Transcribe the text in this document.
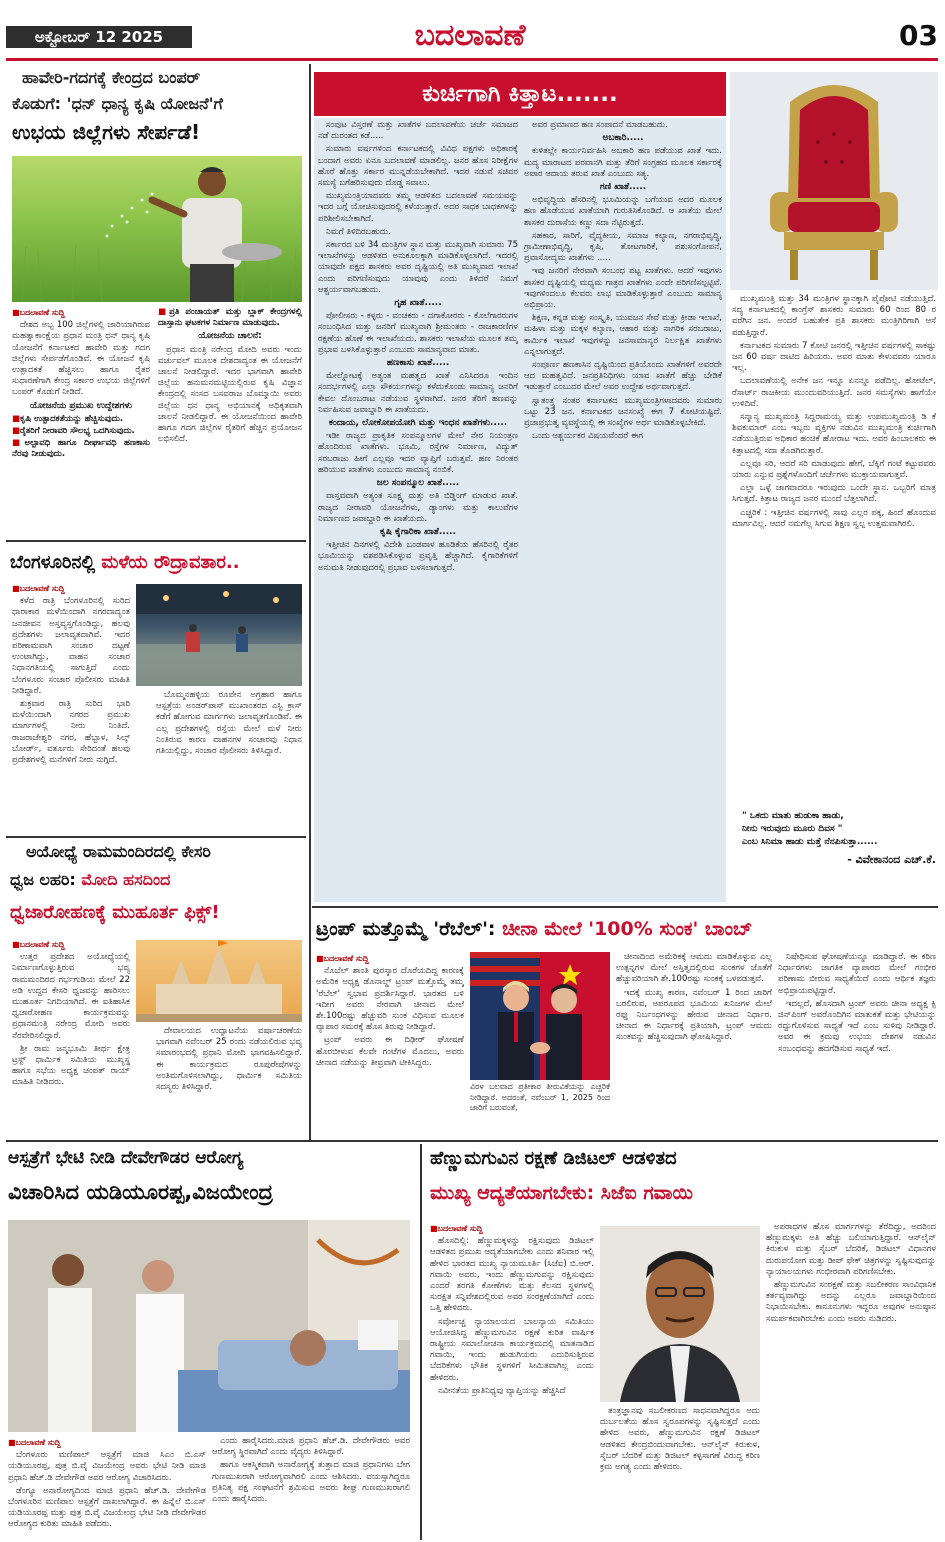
ಅಕ್ಟೋಬರ್ 12 2025	ಬದಲಾವಣೆ	03
ಹಾವೇರಿ-ಗದಗಕ್ಕೆ ಕೇಂದ್ರದ ಬಂಪರ್
ಕೊಡುಗೆ: 'ಧನ್ ಧಾನ್ಯ ಕೃಷಿ ಯೋಜನೆ'ಗೆ
ಉಭಯ ಜಿಲ್ಲೆಗಳು ಸೇರ್ಪಡೆ!
■ ಬದಲಾವಣೆ ಸುದ್ದಿ

ದೇಶದ ಅಬ್ಬ 100 ಜಿಲ್ಲೆಗಳಲ್ಲಿ ಜಾರಿಯಾಗಿರುವ ಮಹತ್ವಾಕಾಂಕ್ಷೆಯ ಪ್ರಧಾನ ಮಂತ್ರಿ ಧನ್ ಧಾನ್ಯ ಕೃಷಿ ಯೋಜನೆಗೆ ಕರ್ನಾಟಕದ ಹಾವೇರಿ ಮತ್ತು ಗದಗ ಜಿಲ್ಲೆಗಳು ಸೇರ್ಪಡೆಗೊಂಡಿವೆ. ಈ ಯೋಜನೆ ಕೃಷಿ ಉತ್ಪಾದಕತೆ ಹೆಚ್ಚಿಸಲು ಹಾಗೂ ರೈತರ ಸುಧಾರಣೆಗಾಗಿ ಕೇಂದ್ರ ಸರ್ಕಾರ ಉಭಯ ಜಿಲ್ಲೆಗಳಿಗೆ ಬಂಪರ್ ಕೊಡುಗೆ ನೀಡಿದೆ.

ಯೋಜನೆಯ ಪ್ರಮುಖ ಉದ್ದೇಶಗಳು
■ ಕೃಷಿ ಉತ್ಪಾದಕತೆಯನ್ನು ಹೆಚ್ಚಿಸುವುದು.
■ ರೈತರಿಗೆ ನೀರಾವರಿ ಸೌಲಭ್ಯ ಒದಗಿಸುವುದು.
■ ಅಲ್ಪಾವಧಿ ಹಾಗೂ ದೀರ್ಘಾವಧಿ ಹಣಕಾಸು ನೆರವು ನೀಡುವುದು.
■ ಪ್ರತಿ ಪಂಚಾಯತ್ ಮತ್ತು ಬ್ಲಾಕ್ ಕೇಂದ್ರಗಳಲ್ಲಿ ದಾಸ್ತಾನು ಘಟಕಗಳ ನಿರ್ಮಾಣ ಮಾಡುವುದು.
ಯೋಜನೆಯ ಚಾಲನೆ:

ಪ್ರಧಾನ ಮಂತ್ರಿ ನರೇಂದ್ರ ಮೋದಿ ಅವರು ಇಂದು ವರ್ಚುವಲ್ ಮೂಲಕ ದೇಶದಾದ್ಯಂತ ಈ ಯೋಜನೆಗೆ ಚಾಲನೆ ನೀಡಲಿದ್ದಾರೆ. ಇದರ ಭಾಗವಾಗಿ ಹಾವೇರಿ ಜಿಲ್ಲೆಯ ಹನುಮನಮಟ್ಟಿಯಲ್ಲಿರುವ ಕೃಷಿ ವಿಜ್ಞಾನ ಕೇಂದ್ರದಲ್ಲಿ ಸಂಸದ ಬಸವರಾಜ ಬೊಮ್ಮಾಯಿ ಅವರು ಜಿಲ್ಲೆಯ ಧನ ಧಾನ್ಯ ಅಭಿಯಾನಕ್ಕೆ ಅಧಿಕೃತವಾಗಿ ಚಾಲನೆ ನೀಡಲಿದ್ದಾರೆ. ಈ ಯೋಜನೆಯಿಂದ ಹಾವೇರಿ ಹಾಗೂ ಗದಗ ಜಿಲ್ಲೆಗಳ ರೈತರಿಗೆ ಹೆಚ್ಚಿನ ಪ್ರಯೋಜನ ಲಭಿಸಲಿದೆ.

ಬೆಂಗಳೂರಿನಲ್ಲಿ ಮಳೆಯ ರೌದ್ರಾವತಾರ..
■ ಬದಲಾವಣೆ ಸುದ್ದಿ

ಕಳೆದ ರಾತ್ರಿ ಬೆಂಗಳೂರಿನಲ್ಲಿ ಸುರಿದ ಧಾರಾಕಾರ ಮಳೆಯಿಂದಾಗಿ ನಗರದಾದ್ಯಂತ ಜನಜೀವನ ಅಸ್ತವ್ಯಸ್ತಗೊಂಡಿದ್ದು, ಹಲವು ಪ್ರದೇಶಗಳು ಜಲಾವೃತವಾಗಿವೆ. ಇದರ ಪರಿಣಾಮವಾಗಿ ಸಂಚಾರ ದಟ್ಟಣೆ ಉಂಟಾಗಿದ್ದು, ವಾಹನ ಸಂಚಾರ ನಿಧಾನಗತಿಯಲ್ಲಿ ಸಾಗುತ್ತಿದೆ ಎಂದು ಬೆಂಗಳೂರು ಸಂಚಾರ ಪೊಲೀಸರು ಮಾಹಿತಿ ನೀಡಿದ್ದಾರೆ.

ಶುಕ್ರವಾರ ರಾತ್ರಿ ಸುರಿದ ಭಾರಿ ಮಳೆಯಿಂದಾಗಿ ನಗರದ ಪ್ರಮುಖ ಮಾರ್ಗಗಳಲ್ಲಿ ನೀರು ನಿಂತಿದೆ. ರಾಜರಾಜೇಶ್ವರಿ ನಗರ, ಹೆಬ್ಬಾಳ, ಸಿಲ್ಕ್ ಬೋರ್ಡ್, ವರ್ತೂರು ಸೇರಿದಂತೆ ಹಲವು ಪ್ರದೇಶಗಳಲ್ಲಿ ಮನೆಗಳಿಗೆ ನೀರು ನುಗ್ಗಿದೆ.

ಬೊಮ್ಮನಹಳ್ಳಿಯ ರೂಪೇನ ಅಗ್ರಹಾರ ಹಾಗೂ ಆಸ್ಪತ್ರೆಯ ಅಂಡರ್‌ಪಾಸ್ ಮುಖಾಂತರದ ಎಸ್ಟಿ ಕ್ರಾಸ್ ಕಡೆಗೆ ಹೋಗುವ ಮಾರ್ಗಗಳು ಜಲಾವೃತಗೊಂಡಿವೆ. ಈ ಎಲ್ಲ ಪ್ರದೇಶಗಳಲ್ಲಿ ರಸ್ತೆಯ ಮೇಲೆ ಮಳೆ ನೀರು ನಿಂತಿರುವ ಕಾರಣ ವಾಹನಗಳ ಸಂಚಾರವು ನಿಧಾನ ಗತಿಯಲ್ಲಿದ್ದು, ಸಂಚಾರ ಪೊಲೀಸರು ತಿಳಿಸಿದ್ದಾರೆ.

ಅಯೋಧ್ಯೆ ರಾಮಮಂದಿರದಲ್ಲಿ ಕೇಸರಿ
ಧ್ವಜ ಲಹರಿ: ಮೋದಿ ಹಸದಿಂದ
ಧ್ವಜಾರೋಹಣಕ್ಕೆ ಮುಹೂರ್ತ ಫಿಕ್ಸ್!
■ ಬದಲಾವಣೆ ಸುದ್ದಿ

ಉತ್ತರ ಪ್ರದೇಶದ ಅಯೋಧ್ಯೆಯಲ್ಲಿ ನಿರ್ಮಾಣಗೊಳ್ಳುತ್ತಿರುವ ಭವ್ಯ ರಾಮಮಂದಿರದ ಗರ್ಭಗುಡಿಯ ಮೇಲೆ 22 ಅಡಿ ಉದ್ದದ ಕೇಸರಿ ಧ್ವಜವನ್ನು ಹಾರಿಸಲು ಮುಹೂರ್ತ ನಿಗದಿಯಾಗಿದೆ. ಈ ಐತಿಹಾಸಿಕ ಧ್ವಜಾರೋಹಣ ಕಾರ್ಯಕ್ರಮವನ್ನು ಪ್ರಧಾನಮಂತ್ರಿ ನರೇಂದ್ರ ಮೋದಿ ಅವರು ನೆರವೇರಿಸಲಿದ್ದಾರೆ.

ಶ್ರೀ ರಾಮ ಜನ್ಮಭೂಮಿ ತೀರ್ಥ ಕ್ಷೇತ್ರ ಟ್ರಸ್ಟ್ ಧಾರ್ಮಿಕ ಸಮಿತಿಯ ಮುಖ್ಯಸ್ಥ ಹಾಗೂ ಸಭೆಯ ಅಧ್ಯಕ್ಷ ಚಂಪತ್ ರಾಯ್ ಮಾಹಿತಿ ನೀಡಿದರು.

ದೇವಾಲಯದ ಉದ್ಘಾಟನೆಯ ವರ್ಷಾಚರಣೆಯ ಭಾಗವಾಗಿ ನವೆಂಬರ್ 25 ರಂದು ನಡೆಯಲಿರುವ ಭವ್ಯ ಸಮಾರಂಭದಲ್ಲಿ ಪ್ರಧಾನಿ ಮೋದಿ ಭಾಗವಹಿಸಲಿದ್ದಾರೆ. ಈ ಕಾರ್ಯಕ್ರಮದ ರೂಪುರೇಷೆಗಳನ್ನು ಅಂತಿಮಗೊಳಿಸಲಾಗಿದ್ದು, ಧಾರ್ಮಿಕ ಸಮಿತಿಯ ಸದಸ್ಯರು ತಿಳಿಸಿದ್ದಾರೆ.

ಕುರ್ಚಿಗಾಗಿ ಕಿತ್ತಾಟ.......

ಸಂಪುಟ ವಿಸ್ತರಣೆ ಮತ್ತು ಖಾತೆಗಳ ಬದಲಾವಣೆಯ ಚರ್ಚೆ ಸಮಾಜದ ನಡೆ ದುರಂತದ ಕಡೆ.....

ಸುಮಾರು ವರ್ಷಗಳಿಂದ ಕರ್ನಾಟಕದಲ್ಲಿ ವಿವಿಧ ಪಕ್ಷಗಳು ಅಧಿಕಾರಕ್ಕೆ ಬಂದಾಗ ಅವರು ಏನೂ ಬದಲಾವಣೆ ಮಾಡಲಿಲ್ಲ. ಜನರ ಹೊಸ ನಿರೀಕ್ಷೆಗಳ ಹೊರೆ ಹೊತ್ತು ಸರ್ಕಾರ ಮುನ್ನಡೆಯಬೇಕಾಗಿದೆ. ಇದರ ನಡುವೆ ಸಚಿವರ ಸಮಸ್ಯೆ ಬಗೆಹರಿಸುವುದು ದೊಡ್ಡ ಸವಾಲು.

ಮುಖ್ಯಮಂತ್ರಿಯಾದವರು ತಮ್ಮ ಆಡಳಿತದ ಬದಲಾವಣೆ ಸಮಯವನ್ನು ಇದರ ಬಗ್ಗೆ ಯೋಚಿಸುವುದರಲ್ಲಿ ಕಳೆಯುತ್ತಾರೆ. ಅದರ ಸಾಧಕ ಬಾಧಕಗಳನ್ನು ಪರಿಶೀಲಿಸಬೇಕಾಗಿದೆ.

ನಿಮಗೆ ತಿಳಿದಿರಬಹುದು.

ಸರ್ಕಾರದ ಬಳಿ 34 ಮಂತ್ರಿಗಳ ಸ್ಥಾನ ಮತ್ತು ಮುಖ್ಯವಾಗಿ ಸುಮಾರು 75 ಇಲಾಖೆಗಳನ್ನು ಆಡಳಿತದ ಅನುಕೂಲಕ್ಕಾಗಿ ಮಾಡಿಕೊಳ್ಳಲಾಗಿದೆ. ಇದರಲ್ಲಿ ಯಾವುದೇ ಪಕ್ಷದ ಶಾಸಕರು ಅವರ ದೃಷ್ಟಿಯಲ್ಲಿ ಅತಿ ಮುಖ್ಯವಾದ ಇಲಾಖೆ ಎಂದು ಪರಿಗಣಿಸುವುದು ಯಾವುವು ಎಂದು ತಿಳಿದರೆ ನಿಮಗೆ ಆಶ್ಚರ್ಯವಾಗಬಹುದು.

ಗೃಹ ಖಾತೆ.....

ಪೋಲೀಸರು - ಕಳ್ಳರು - ವಂಚಕರು - ದಗಾಕೋರರು - ಕೊಲೆಗಾರರುಗಳ ಸಂಬಂಧಿಸಿದ ಮತ್ತು ಜನರಿಗೆ ಮುಖ್ಯವಾಗಿ ಶ್ರೀಮಂತರು - ರಾಜಕಾರಣಿಗಳ ರಕ್ಷಣೆಯ ಹೊಣೆ ಈ ಇಲಾಖೆಯದು. ಶಾಸಕರು ಇಲಾಖೆಯ ಮೂಲಕ ತಮ್ಮ ಪ್ರಭಾವ ಬಳಸಿಕೊಳ್ಳುತ್ತಾರೆ ಎಂಬುದು ಸಾಮಾನ್ಯವಾದ ಮಾತು.

ಹಣಕಾಸು ಖಾತೆ.....

ಮೇಲ್ನೋಟಕ್ಕೆ ಅತ್ಯಂತ ಮಹತ್ವದ ಖಾತೆ ಎನಿಸಿದರೂ ಇಂದಿನ ಸಂದರ್ಭಗಳಲ್ಲಿ ಎಲ್ಲಾ ಸೌಕರ್ಯಗಳನ್ನು ಕಳೆದುಕೊಂಡು ಸಾಮಾನ್ಯ ಜನರಿಗೆ ಕೇವಲ ದೊಂಬರಾಟ ನಡೆಯುವ ಸ್ಥಳವಾಗಿದೆ. ಜನರ ತೆರಿಗೆ ಹಣವನ್ನು ನಿರ್ವಹಿಸುವ ಜವಾಬ್ದಾರಿ ಈ ಖಾತೆಯದು.

ಕಂದಾಯ, ಲೋಕೋಪಯೋಗಿ ಮತ್ತು ಇಂಧನ ಖಾತೆಗಳು.....

ಇಡೀ ರಾಜ್ಯದ ಪ್ರಾಕೃತಿಕ ಸಂಪನ್ಮೂಲಗಳ ಮೇಲೆ ನೇರ ನಿಯಂತ್ರಣ ಹೊಂದಿರುವ ಖಾತೆಗಳು. ಭೂಮಿ, ರಸ್ತೆಗಳ ನಿರ್ಮಾಣ, ವಿದ್ಯುತ್ ಸರಬರಾಜು ಹೀಗೆ ಎಲ್ಲವೂ ಇದರ ವ್ಯಾಪ್ತಿಗೆ ಬರುತ್ತವೆ. ಹಣ ನಿರಂತರ ಹರಿಯುವ ಖಾತೆಗಳು ಎಂಬುದು ಸಾಮಾನ್ಯ ನಂಬಿಕೆ.

ಜಲ ಸಂಪನ್ಮೂಲ ಖಾತೆ.....

ವಾಸ್ತವವಾಗಿ ಅತ್ಯಂತ ಸೂಕ್ಷ್ಮ ಮತ್ತು ಅತಿ ಬಿಡ್ಡಿಂಗ್ ಮಾಡುವ ಖಾತೆ. ರಾಜ್ಯದ ನೀರಾವರಿ ಯೋಜನೆಗಳು, ಡ್ಯಾಂಗಳು ಮತ್ತು ಕಾಲುವೆಗಳ ನಿರ್ಮಾಣದ ಜವಾಬ್ದಾರಿ ಈ ಖಾತೆಯದು.

ಕೃಷಿ ಕೈಗಾರಿಕಾ ಖಾತೆ.....

ಇತ್ತೀಚಿನ ದಿನಗಳಲ್ಲಿ ವಿದೇಶಿ ಬಂಡವಾಳ ಹೂಡಿಕೆಯ ಹೆಸರಿನಲ್ಲಿ ರೈತರ ಭೂಮಿಯನ್ನು ವಶಪಡಿಸಿಕೊಳ್ಳುವ ಪ್ರವೃತ್ತಿ ಹೆಚ್ಚಾಗಿದೆ. ಕೈಗಾರಿಕೆಗಳಿಗೆ ಅನುಮತಿ ನೀಡುವುದರಲ್ಲಿ ಪ್ರಭಾವ ಬಳಸಲಾಗುತ್ತದೆ.

ಅವರ ಪ್ರಮಾಣದ ಹಣ ಸಂಪಾದನೆ ಮಾಡಬಹುದು.

ಅಬಕಾರಿ.....

ಕುಳಿತಲ್ಲೇ ಕಾರ್ಯನಿರ್ವಹಿಸಿ ಅಬಕಾರಿ ಹಣ ಪಡೆಯುವ ಖಾತೆ ಇದು. ಮದ್ಯ ಮಾರಾಟದ ಪರವಾನಗಿ ಮತ್ತು ತೆರಿಗೆ ಸಂಗ್ರಹದ ಮೂಲಕ ಸರ್ಕಾರಕ್ಕೆ ಅಪಾರ ಆದಾಯ ತರುವ ಖಾತೆ ಎಂಬುದು ಸತ್ಯ.

ಗಣಿ ಖಾತೆ.....

ಅಭಿವೃದ್ಧಿಯ ಹೆಸರಿನಲ್ಲಿ ಭೂಮಿಯನ್ನು ಬಗೆಯುವ ಅದರ ಮೂಲಕ ಹಣ ಹೊಡೆಯುವ ಖಾತೆಯಾಗಿ ಗುರುತಿಸಿಕೊಂಡಿದೆ. ಆ ಖಾತೆಯ ಮೇಲೆ ಶಾಸಕರ ದುರಾಸೆಯ ಕಣ್ಣು ಸದಾ ನೆಟ್ಟಿರುತ್ತದೆ.

ಸಹಕಾರ, ಸಾರಿಗೆ, ವೈದ್ಯಕೀಯ, ಸಮಾಜ ಕಲ್ಯಾಣ, ನಗರಾಭಿವೃದ್ಧಿ, ಗ್ರಾಮೀಣಾಭಿವೃದ್ಧಿ, ಕೃಷಿ, ತೋಟಗಾರಿಕೆ, ಪಶುಸಂಗೋಪನೆ, ಪ್ರವಾಸೋದ್ಯಮ ಖಾತೆಗಳು .....

ಇವು ಜನರಿಗೆ ನೇರವಾಗಿ ಸಂಬಂಧ ಪಟ್ಟ ಖಾತೆಗಳು. ಆದರೆ ಇವುಗಳು ಶಾಸಕರ ದೃಷ್ಟಿಯಲ್ಲಿ ಮಧ್ಯಮ ಗಾತ್ರದ ಖಾತೆಗಳು ಎಂದೇ ಪರಿಗಣಿಸಲ್ಪಟ್ಟಿವೆ. ಇವುಗಳಿಂದಲೂ ಕೆಲವರು ಲಾಭ ಮಾಡಿಕೊಳ್ಳುತ್ತಾರೆ ಎಂಬುದು ಸಾಮಾನ್ಯ ಅಭಿಪ್ರಾಯ.

ಶಿಕ್ಷಣ, ಕನ್ನಡ ಮತ್ತು ಸಂಸ್ಕೃತಿ, ಯುವಜನ ಸೇವೆ ಮತ್ತು ಕ್ರೀಡಾ ಇಲಾಖೆ, ಮಹಿಳಾ ಮತ್ತು ಮಕ್ಕಳ ಕಲ್ಯಾಣ, ಆಹಾರ ಮತ್ತು ನಾಗರಿಕ ಸರಬರಾಜು, ಕಾರ್ಮಿಕ ಇಲಾಖೆ ಇವುಗಳನ್ನು ಜನಸಾಮಾನ್ಯರ ನಿರ್ಲಕ್ಷಿತ ಖಾತೆಗಳು ಎನ್ನಲಾಗುತ್ತದೆ.

ಸಂಪೂರ್ಣ ಹಣಕಾಸಿನ ದೃಷ್ಟಿಯಿಂದ ಪ್ರತಿಯೊಂದು ಖಾತೆಗಳಿಗೆ ಅವರದೇ ಆದ ಮಹತ್ವವಿದೆ. ಜನಪ್ರತಿನಿಧಿಗಳು ಯಾವ ಖಾತೆಗೆ ಹೆಚ್ಚು ಬೇಡಿಕೆ ಇಡುತ್ತಾರೆ ಎಂಬುದರ ಮೇಲೆ ಅವರ ಉದ್ದೇಶ ಅರ್ಥವಾಗುತ್ತದೆ.

ಸ್ವಾತಂತ್ರ್ಯ ನಂತರ ಕರ್ನಾಟಕದ ಮುಖ್ಯಮಂತ್ರಿಗಳಾದವರು ಸುಮಾರು ಒಟ್ಟು 23 ಜನ. ಕರ್ನಾಟಕದ ಜನಸಂಖ್ಯೆ ಈಗ 7 ಕೋಟಿಯಷ್ಟಿದೆ. ಪ್ರಜಾಪ್ರಭುತ್ವ ವ್ಯವಸ್ಥೆಯಲ್ಲಿ ಈ ಸಂಖ್ಯೆಗಳ ಅರ್ಥ ಮಾಡಿಕೊಳ್ಳಬೇಕಿದೆ.

ಒಂದು ಆಶ್ಚರ್ಯಕರ ವಿಷಯವೆಂದರೆ ಈಗ

ಮುಖ್ಯಮಂತ್ರಿ ಮತ್ತು 34 ಮಂತ್ರಿಗಳ ಸ್ಥಾನಕ್ಕಾಗಿ ಪೈಪೋಟಿ ನಡೆಯುತ್ತಿದೆ. ಸದ್ಯ ಕರ್ನಾಟಕದಲ್ಲಿ ಕಾಂಗ್ರೆಸ್ ಶಾಸಕರು ಸುಮಾರು 60 ರಿಂದ 80 ರ ವರೆಗಿನ ಜನ. ಅಂದರೆ ಬಹುತೇಕ ಪ್ರತಿ ಶಾಸಕರು ಮಂತ್ರಿಗಿರಿಗಾಗಿ ಆಸೆ ಪಡುತ್ತಿದ್ದಾರೆ.

ಕರ್ನಾಟಕದ ಸುಮಾರು 7 ಕೋಟಿ ಜನರಲ್ಲಿ ಇತ್ತೀಚಿನ ವರ್ಷಗಳಲ್ಲಿ ಸಾಕಷ್ಟು ಜನ 60 ವರ್ಷ ದಾಟಿದ ಹಿರಿಯರು. ಅವರ ಮಾತು ಕೇಳುವವರು ಯಾರೂ ಇಲ್ಲ.

ಬದಲಾವಣೆಯಲ್ಲಿ ಅನೇಕ ಜನ ಇನ್ನೂ ಏನನ್ನೂ ಪಡೆದಿಲ್ಲ. ಹೋಟೆಲ್, ರೆಸಾರ್ಟ್ ರಾಜಕೀಯ ಮುಂದುವರಿಯುತ್ತಿದೆ. ಜನರ ಸಮಸ್ಯೆಗಳು ಹಾಗೆಯೇ ಉಳಿದಿವೆ.

ಸನ್ಮಾನ್ಯ ಮುಖ್ಯಮಂತ್ರಿ ಸಿದ್ದರಾಮಯ್ಯ ಮತ್ತು ಉಪಮುಖ್ಯಮಂತ್ರಿ ಡಿ ಕೆ ಶಿವಕುಮಾರ್ ಎಂಬ ಇಬ್ಬರು ವ್ಯಕ್ತಿಗಳ ನಡುವಿನ ಮುಖ್ಯಮಂತ್ರಿ ಕುರ್ಚಿಗಾಗಿ ನಡೆಯುತ್ತಿರುವ ಅಧಿಕಾರ ಹಂಚಿಕೆ ಹೋರಾಟ ಇದು. ಅವರ ಹಿಂಬಾಲಕರು ಈ ಕಿತ್ತಾಟದಲ್ಲಿ ಸದಾ ತೊಡಗಿರುತ್ತಾರೆ.

ಎಲ್ಲವೂ ಸರಿ, ಆದರೆ ಸರಿ ಮಾಡುವುದು ಹೇಗೆ, ಬೆಕ್ಕಿಗೆ ಗಂಟೆ ಕಟ್ಟುವವರು ಯಾರು ಎನ್ನುವ ಪ್ರಶ್ನೆಗಳೊಂದಿಗೆ ಚರ್ಚೆಗಳು ಮುಕ್ತಾಯವಾಗುತ್ತವೆ.

ಎಲ್ಲಾ ಒಳ್ಳೆ ಜಾಗವಾದರೂ ಇರುವುದು ಒಂದೇ ಸ್ಥಾನ. ಒಬ್ಬರಿಗೆ ಮಾತ್ರ ಸಿಗುತ್ತದೆ. ಕಿತ್ತಾಟ ರಾಜ್ಯದ ಜನರ ಮುಂದೆ ಬೆತ್ತಲಾಗಿದೆ.

ಎಚ್ಚರಿಕೆ : ಇತ್ತೀಚಿನ ವರ್ಷಗಳಲ್ಲಿ ಸಾವು ಎಲ್ಲರ ಪಕ್ಕ, ಹಿಂದೆ ಹೊಂದುವ ಮಾರ್ಗವಿಲ್ಲ. ಆದರೆ ನಮಗೆಲ್ಲ ಸಿಗುವ ಶಿಕ್ಷಣ ಸ್ವಲ್ಪ ಉತ್ತಮವಾಗಿರಲಿ.

" ಒಕದು ಮಾತು ಹುಡುಕಾ ಹಾಡು,
ನೀನು ಇರುವುದು ಮೂರು ದಿವಸ "
ಎಂಬ ಸಿನಿಮಾ ಹಾಡು ಮತ್ತೆ ನೆನಪಿಸುತ್ತಾ......
- ವಿವೇಕಾನಂದ ಎಚ್.ಕೆ.
ಟ್ರಂಪ್ ಮತ್ತೊಮ್ಮೆ 'ರೆಬೆಲ್': ಚೀನಾ ಮೇಲೆ '100% ಸುಂಕ' ಬಾಂಬ್
■ ಬದಲಾವಣೆ ಸುದ್ದಿ

ನೊಬೆಲ್ ಶಾಂತಿ ಪುರಸ್ಕಾರ ದೊರೆಯದಿದ್ದ ಕಾರಣಕ್ಕೆ ಅಮೆರಿಕ ಅಧ್ಯಕ್ಷ ಡೊನಾಲ್ಡ್ ಟ್ರಂಪ್ ಮತ್ತೊಮ್ಮೆ ತಮ್ಮ 'ರೆಬೆಲ್' ಸ್ವಭಾವ ಪ್ರದರ್ಶಿಸಿದ್ದಾರೆ. ಭಾರತದ ಬಳಿ ಇದೀಗ ಅವರು ನೇರವಾಗಿ ಚೀನಾದ ಮೇಲೆ ಶೇ.100ರಷ್ಟು ಹೆಚ್ಚುವರಿ ಸುಂಕ ವಿಧಿಸುವ ಮೂಲಕ ವ್ಯಾಪಾರ ಸಮರಕ್ಕೆ ಹೊಸ ತಿರುವು ನೀಡಿದ್ದಾರೆ.

ಟ್ರಂಪ್ ಅವರು ಈ ದಿಢೀರ್ ಘೋಷಣೆ ಹೊರಬೀಳುವ ಕೆಲವೇ ಗಂಟೆಗಳ ಮೊದಲು, ಅವರು ಚೀನಾದ ನಡೆಯನ್ನು ತೀವ್ರವಾಗಿ ಟೀಕಿಸಿದ್ದರು.

ವಿರಳ ಬಲವಾದ ಪ್ರತೀಕಾರ ತೀರುವಿಕೆಯನ್ನು ಎಚ್ಚರಿಕೆ ನೀಡಿದ್ದಾರೆ. ಅದರಂತೆ, ನವೆಂಬರ್ 1, 2025 ರಿಂದ ಜಾರಿಗೆ ಬರುವಂತೆ,

ಚೀನಾದಿಂದ ಅಮೆರಿಕಕ್ಕೆ ಆಮದು ಮಾಡಿಕೊಳ್ಳುವ ಎಲ್ಲ ಉತ್ಪನ್ನಗಳ ಮೇಲೆ ಅಸ್ತಿತ್ವದಲ್ಲಿರುವ ಸುಂಕಗಳ ಜೊತೆಗೆ ಹೆಚ್ಚುವರಿಯಾಗಿ ಶೇ.100ರಷ್ಟು ಸುಂಕಕ್ಕೆ ಒಳಪಡುತ್ತವೆ.

ಇದಕ್ಕೆ ಮುಖ್ಯ ಕಾರಣ, ನವೆಂಬರ್ 1 ರಿಂದ ಜಾರಿಗೆ ಬರಲಿರುವ, ಅಪರೂಪದ ಭೂಮಿಯ ಖನಿಜಗಳ ಮೇಲೆ ರಫ್ತು ನಿರ್ಬಂಧಗಳನ್ನು ಹೇರುವ ಚೀನಾದ ನಿರ್ಧಾರ. ಚೀನಾದ ಈ ನಿರ್ಧಾರಕ್ಕೆ ಪ್ರತಿಯಾಗಿ, ಟ್ರಂಪ್ ಆಮದು ಸುಂಕವನ್ನು ಹೆಚ್ಚಿಸುವುದಾಗಿ ಘೋಷಿಸಿದ್ದಾರೆ.

ನಿಷೇಧಿಸುವ ಘೋಷಣೆಯನ್ನೂ ಮಾಡಿದ್ದಾರೆ. ಈ ಕಠಿಣ ನಿರ್ಧಾರಗಳು ಜಾಗತಿಕ ವ್ಯಾಪಾರದ ಮೇಲೆ ಗಂಭೀರ ಪರಿಣಾಮ ಬೀರುವ ಸಾಧ್ಯತೆಯಿದೆ ಎಂದು ಆರ್ಥಿಕ ತಜ್ಞರು ಅಭಿಪ್ರಾಯಪಟ್ಟಿದ್ದಾರೆ.

ಇದಲ್ಲದೆ, ಹೊಸದಾಗಿ ಟ್ರಂಪ್ ಅವರು ಚೀನಾ ಅಧ್ಯಕ್ಷ ಕ್ಸಿ ಜಿನ್‌ಪಿಂಗ್ ಅವರೊಂದಿಗಿನ ಮಾತುಕತೆ ಮತ್ತು ಭೇಟಿಯನ್ನು ರದ್ದುಗೊಳಿಸುವ ಸಾಧ್ಯತೆ ಇದೆ ಎಂಬ ಸುಳಿವು ನೀಡಿದ್ದಾರೆ. ಅವರ ಈ ಕ್ರಮವು ಉಭಯ ದೇಶಗಳ ನಡುವಿನ ಸಂಬಂಧವನ್ನು ಹದಗೆಡಿಸುವ ಸಾಧ್ಯತೆ ಇದೆ.

ಆಸ್ಪತ್ರೆಗೆ ಭೇಟಿ ನೀಡಿ ದೇವೇಗೌಡರ ಆರೋಗ್ಯ
ವಿಚಾರಿಸಿದ ಯಡಿಯೂರಪ್ಪ,ವಿಜಯೇಂದ್ರ
■ ಬದಲಾವಣೆ ಸುದ್ದಿ

ಬೆಂಗಳೂರು ಮಣಿಪಾಲ್ ಆಸ್ಪತ್ರೆಗೆ ಮಾಜಿ ಸಿಎಂ ಬಿ.ಎಸ್ ಯಡಿಯೂರಪ್ಪ, ಪುತ್ರ ಬಿ.ವೈ ವಿಜಯೇಂದ್ರ ಅವರು ಭೇಟಿ ನೀಡಿ ಮಾಜಿ ಪ್ರಧಾನಿ ಹೆಚ್.ಡಿ ದೇವೇಗೌಡ ಅವರ ಆರೋಗ್ಯ ವಿಚಾರಿಸಿದರು.

ಡೆಂಗ್ಯೂ ಅನಾರೋಗ್ಯದಿಂದ ಮಾಜಿ ಪ್ರಧಾನಿ ಹೆಚ್.ಡಿ. ದೇವೇಗೌಡ ಬೆಂಗಳೂರಿನ ಮಣಿಪಾಲ ಆಸ್ಪತ್ರೆಗೆ ದಾಖಲಾಗಿದ್ದಾರೆ. ಈ ಹಿನ್ನೆಲೆ ಬಿ.ಎಸ್ ಯಡಿಯೂರಪ್ಪ ಮತ್ತು ಪುತ್ರ ಬಿ.ವೈ ವಿಜಯೇಂದ್ರ ಭೇಟಿ ನೀಡಿ ದೇವೇಗೌಡರ ಆರೋಗ್ಯದ ಕುರಿತು ಮಾಹಿತಿ ಪಡೆದರು.

ಎಂದು ಹಾರೈಸಿದರು.ಮಾಜಿ ಪ್ರಧಾನಿ ಹೆಚ್.ಡಿ. ದೇವೇಗೌಡರು ಅವರ ಆರೋಗ್ಯ ಸ್ಥಿರವಾಗಿದೆ ಎಂದು ವೈದ್ಯರು ತಿಳಿಸಿದ್ದಾರೆ.

ಹಾಗೂ ಆಕಸ್ಮಿಕವಾಗಿ ಅನಾರೋಗ್ಯಕ್ಕೆ ತುತ್ತಾದ ಮಾಜಿ ಪ್ರಧಾನಿಗಳು ಬೇಗ ಗುಣಮುಖರಾಗಿ ಆರೋಗ್ಯವಾಗಿರಲಿ ಎಂದು ಆಶಿಸಿದರು. ವಯಸ್ಸಾಗಿದ್ದರೂ ಪ್ರತಿನಿತ್ಯ ಪಕ್ಷ ಸಂಘಟನೆಗೆ ಶ್ರಮಿಸುವ ಅವರು ಶೀಘ್ರ ಗುಣಮುಖರಾಗಲಿ ಎಂದು ಹಾರೈಸಿದರು.

ಹೆಣ್ಣುಮಗುವಿನ ರಕ್ಷಣೆ ಡಿಜಿಟಲ್ ಆಡಳಿತದ
ಮುಖ್ಯ ಆದ್ಯತೆಯಾಗಬೇಕು: ಸಿಜೆಐ ಗವಾಯಿ
■ ಬದಲಾವಣೆ ಸುದ್ದಿ

ಹೊಸದಿಲ್ಲಿ: ಹೆಣ್ಣುಮಕ್ಕಳನ್ನು ರಕ್ಷಿಸುವುದು ಡಿಜಿಟಲ್ ಆಡಳಿತದ ಪ್ರಮುಖ ಆದ್ಯತೆಯಾಗಬೇಕು ಎಂದು ಶನಿವಾರ ಇಲ್ಲಿ ಹೇಳಿದ ಭಾರತದ ಮುಖ್ಯ ನ್ಯಾಯಮೂರ್ತಿ (ಸಿಜೆಐ) ಬಿ.ಆರ್. ಗವಾಯಿ ಅವರು, ಇಂದು ಹೆಣ್ಣುಮಗುವನ್ನು ರಕ್ಷಿಸುವುದು ಎಂದರೆ ತರಗತಿ ಕೋಣೆಗಳು ಮತ್ತು ಕೆಲಸದ ಸ್ಥಳಗಳಲ್ಲಿ ಸುರಕ್ಷಿತ ಸನ್ನಿವೇಶದಲ್ಲಿರುವ ಅವರ ಸಂರಕ್ಷಣೆಯಾಗಿದೆ ಎಂದು ಒತ್ತಿ ಹೇಳಿದರು.

ಸರ್ವೋಚ್ಚ ನ್ಯಾಯಾಲಯದ ಬಾಲನ್ಯಾಯ ಸಮಿತಿಯು ಆಯೋಜಿಸಿದ್ದ ಹೆಣ್ಣುಮಗುವಿನ ರಕ್ಷಣೆ ಕುರಿತ ವಾರ್ಷಿಕ ರಾಷ್ಟ್ರೀಯ ಸಮಾಲೋಚನಾ ಕಾರ್ಯಕ್ರಮದಲ್ಲಿ ಮಾತನಾಡಿದ ಗವಾಯಿ, ಇಂದು ಹುಡುಗಿಯರು ಎದುರಿಸುತ್ತಿರುವ ಬೆದರಿಕೆಗಳು ಭೌತಿಕ ಸ್ಥಳಗಳಿಗೆ ಸೀಮಿತವಾಗಿಲ್ಲ ಎಂದು ಹೇಳಿದರು.

ನವೀನತೆಯ ಪ್ರಾತಿನಿಧ್ಯವು ವ್ಯಾಪ್ತಿಯನ್ನು ಹೆಚ್ಚಿಸಿದೆ

ತಂತ್ರಜ್ಞಾನವು ಸಬಲೀಕರಣದ ಸಾಧನವಾಗಿದ್ದರೂ ಅದು ದುರ್ಬಲತೆಯ ಹೊಸ ಸ್ವರೂಪಗಳನ್ನು ಸೃಷ್ಟಿಸುತ್ತದೆ ಎಂದು ಹೇಳಿದ ಅವರು, ಹೆಣ್ಣುಮಗುವಿನ ರಕ್ಷಣೆ ಡಿಜಿಟಲ್ ಆಡಳಿತದ ಕೇಂದ್ರಬಿಂದುವಾಗಬೇಕು. ಆನ್‌ಲೈನ್ ಕಿರುಕುಳ, ಸೈಬರ್ ಬೆದರಿಕೆ ಮತ್ತು ಡಿಜಿಟಲ್ ಕಳ್ಳಸಾಗಣೆ ವಿರುದ್ಧ ಕಠಿಣ ಕ್ರಮ ಅಗತ್ಯ ಎಂದು ಹೇಳಿದರು.

ಅಪರಾಧಗಳ ಹೊಸ ಮಾರ್ಗಗಳನ್ನು ತೆರೆದಿದ್ದು, ಅದರಿಂದ ಹೆಣ್ಣುಮಕ್ಕಳು ಅತಿ ಹೆಚ್ಚು ಬಲಿಯಾಗುತ್ತಿದ್ದಾರೆ. ಆನ್‌ಲೈನ್ ಕಿರುಕುಳ ಮತ್ತು ಸೈಬರ್ ಬೆದರಿಕೆ, ಡಿಜಿಟಲ್ ವಿಧಾನಗಳ ದುರುಪಯೋಗ ಮತ್ತು ಡೀಪ್ ಫೇಕ್ ಚಿತ್ರಗಳನ್ನು ಸೃಷ್ಟಿಸುವುದನ್ನು ನ್ಯಾಯಾಲಯಗಳು ಗಂಭೀರವಾಗಿ ಪರಿಗಣಿಸಬೇಕು.

ಹೆಣ್ಣುಮಗುವಿನ ಸಂರಕ್ಷಣೆ ಮತ್ತು ಸಬಲೀಕರಣ ಸಾಂವಿಧಾನಿಕ ಕರ್ತವ್ಯವಾಗಿದ್ದು ಅದನ್ನು ಎಲ್ಲರೂ ಜವಾಬ್ದಾರಿಯಿಂದ ನಿಭಾಯಿಸಬೇಕು. ಕಾನೂನುಗಳು ಇದ್ದರೂ ಅವುಗಳ ಅನುಷ್ಠಾನ ಸಮರ್ಪಕವಾಗಿರಬೇಕು ಎಂದು ಅವರು ನುಡಿದರು.
